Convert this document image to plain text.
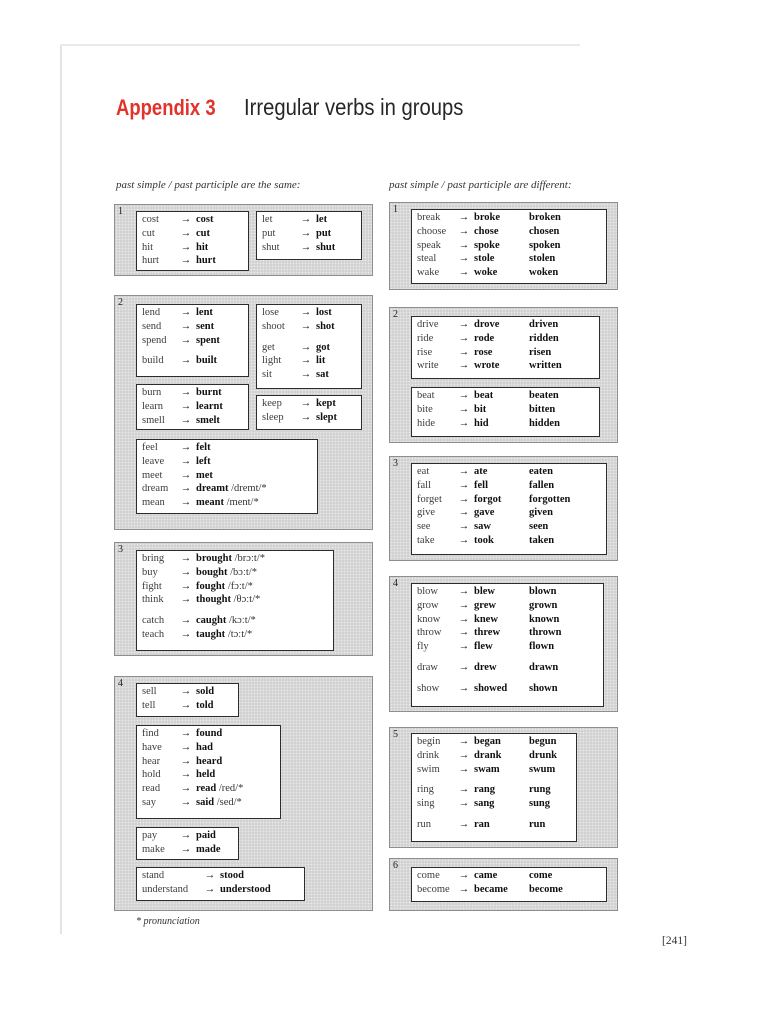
Appendix 3 Irregular verbs in groups
past simple / past participle are the same:	past simple / past participle are different:
1
cost	→ cost
cut	→ cut
hit	→ hit
hurt	→ hurt
let	→ let
put	→ put
shut	→ shut
2
lend	→ lent
send	→ sent
spend	→ spent
build	→ built
lose	→ lost
shoot	→ shot
get	→ got
light	→ lit
sit	→ sat
burn	→ burnt
learn	→ learnt
smell	→ smelt
keep	→ kept
sleep	→ slept
feel	→ felt
leave	→ left
meet	→ met
dream	→ dreamt /dremt/*
mean	→ meant /ment/*
3
bring	→ brought /brɔːt/*
buy	→ bought /bɔːt/*
fight	→ fought /fɔːt/*
think	→ thought /θɔːt/*
catch	→ caught /kɔːt/*
teach	→ taught /tɔːt/*
4
sell	→ sold
tell	→ told
find	→ found
have	→ had
hear	→ heard
hold	→ held
read	→ read /red/*
say	→ said /sed/*
pay	→ paid
make	→ made
stand	→ stood
understand	→ understood
1
break	→ broke	broken
choose	→ chose	chosen
speak	→ spoke	spoken
steal	→ stole	stolen
wake	→ woke	woken
2
drive	→ drove	driven
ride	→ rode	ridden
rise	→ rose	risen
write	→ wrote	written
beat	→ beat	beaten
bite	→ bit	bitten
hide	→ hid	hidden
3
eat	→ ate	eaten
fall	→ fell	fallen
forget	→ forgot	forgotten
give	→ gave	given
see	→ saw	seen
take	→ took	taken
4
blow	→ blew	blown
grow	→ grew	grown
know	→ knew	known
throw	→ threw	thrown
fly	→ flew	flown
draw	→ drew	drawn
show	→ showed	shown
5
begin	→ began	begun
drink	→ drank	drunk
swim	→ swam	swum
ring	→ rang	rung
sing	→ sang	sung
run	→ ran	run
6
come	→ came	come
become → became	become
* pronunciation
[241]
